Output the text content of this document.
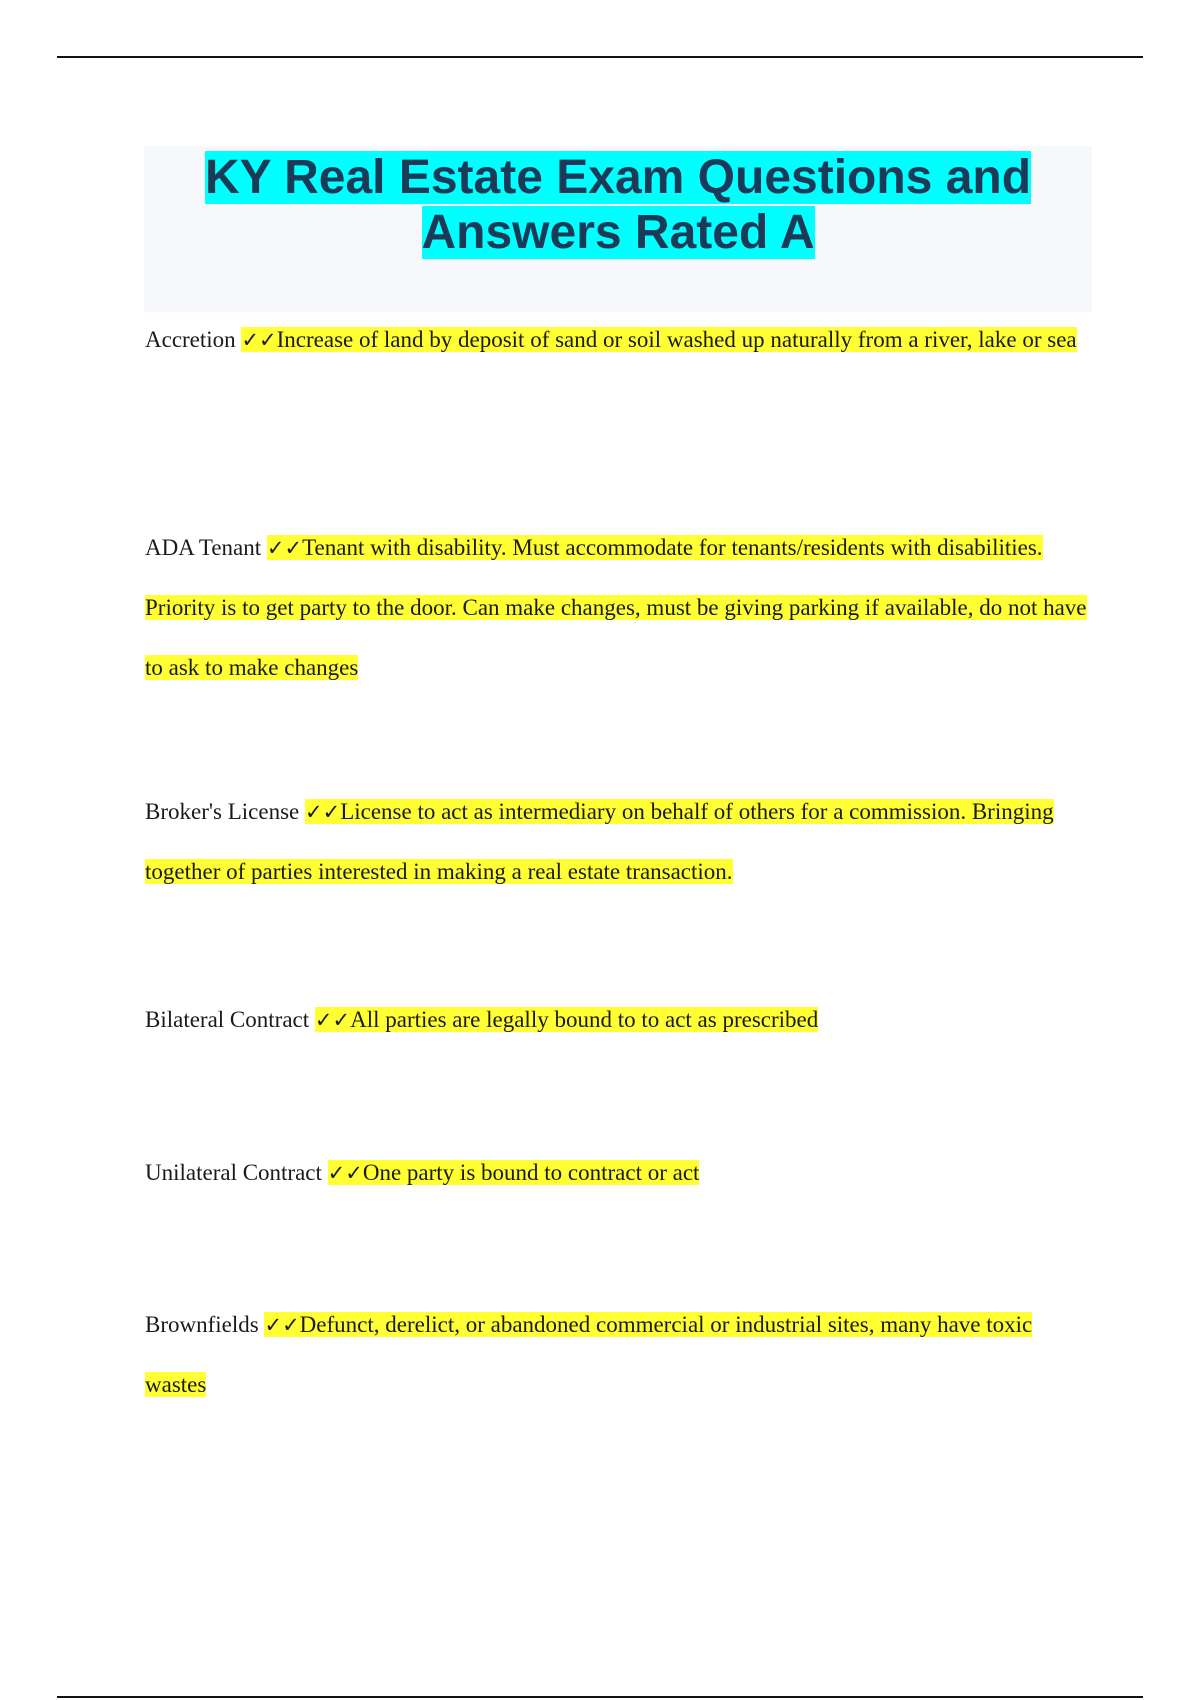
KY Real Estate Exam Questions and Answers Rated A

Accretion ✓✓Increase of land by deposit of sand or soil washed up naturally from a river, lake or sea

ADA Tenant ✓✓Tenant with disability. Must accommodate for tenants/residents with disabilities. Priority is to get party to the door. Can make changes, must be giving parking if available, do not have to ask to make changes

Broker's License ✓✓License to act as intermediary on behalf of others for a commission. Bringing together of parties interested in making a real estate transaction.

Bilateral Contract ✓✓All parties are legally bound to to act as prescribed

Unilateral Contract ✓✓One party is bound to contract or act

Brownfields ✓✓Defunct, derelict, or abandoned commercial or industrial sites, many have toxic wastes
